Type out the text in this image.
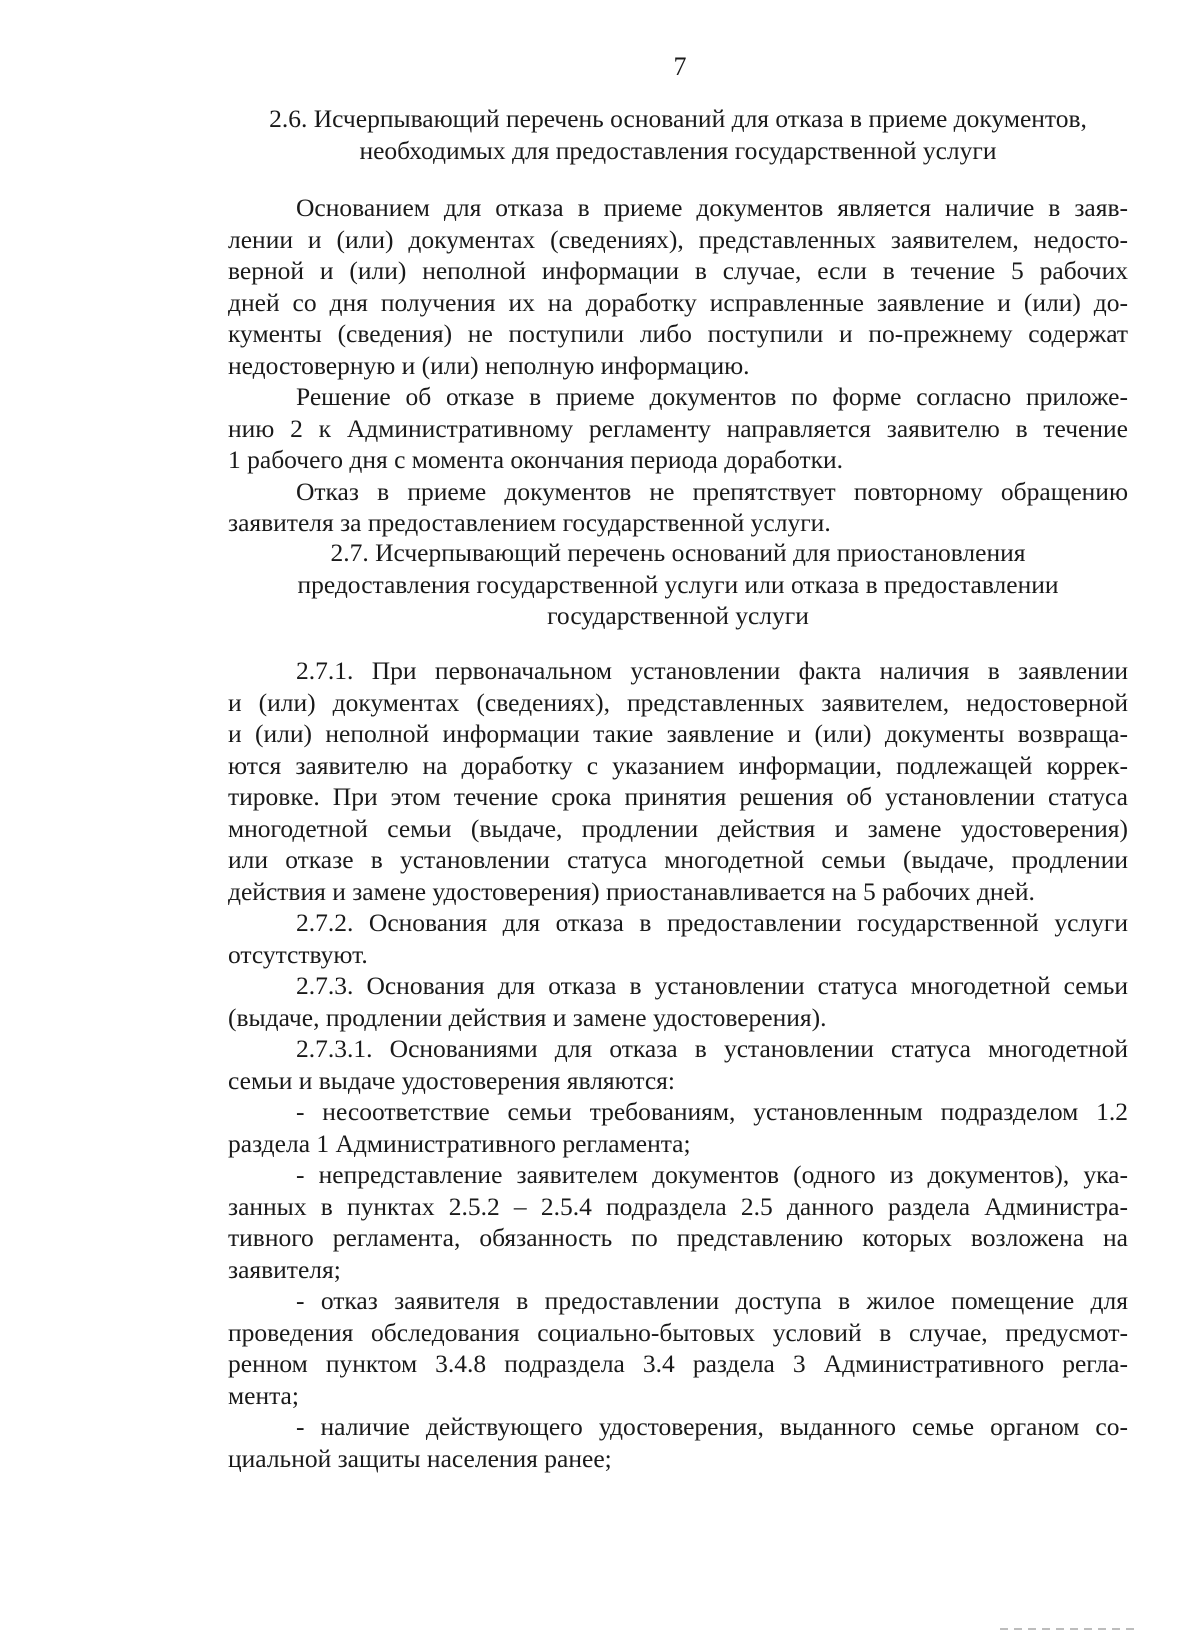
7
2.6. Исчерпывающий перечень оснований для отказа в приеме документов,
необходимых для предоставления государственной услуги
Основанием для отказа в приеме документов является наличие в заяв-
лении и (или) документах (сведениях), представленных заявителем, недосто-
верной и (или) неполной информации в случае, если в течение 5 рабочих
дней со дня получения их на доработку исправленные заявление и (или) до-
кументы (сведения) не поступили либо поступили и по-прежнему содержат
недостоверную и (или) неполную информацию.
Решение об отказе в приеме документов по форме согласно приложе-
нию 2 к Административному регламенту направляется заявителю в течение
1 рабочего дня с момента окончания периода доработки.
Отказ в приеме документов не препятствует повторному обращению
заявителя за предоставлением государственной услуги.
2.7. Исчерпывающий перечень оснований для приостановления
предоставления государственной услуги или отказа в предоставлении
государственной услуги
2.7.1. При первоначальном установлении факта наличия в заявлении
и (или) документах (сведениях), представленных заявителем, недостоверной
и (или) неполной информации такие заявление и (или) документы возвраща-
ются заявителю на доработку с указанием информации, подлежащей коррек-
тировке. При этом течение срока принятия решения об установлении статуса
многодетной семьи (выдаче, продлении действия и замене удостоверения)
или отказе в установлении статуса многодетной семьи (выдаче, продлении
действия и замене удостоверения) приостанавливается на 5 рабочих дней.
2.7.2. Основания для отказа в предоставлении государственной услуги
отсутствуют.
2.7.3. Основания для отказа в установлении статуса многодетной семьи
(выдаче, продлении действия и замене удостоверения).
2.7.3.1. Основаниями для отказа в установлении статуса многодетной
семьи и выдаче удостоверения являются:
- несоответствие семьи требованиям, установленным подразделом 1.2
раздела 1 Административного регламента;
- непредставление заявителем документов (одного из документов), ука-
занных в пунктах 2.5.2 – 2.5.4 подраздела 2.5 данного раздела Администра-
тивного регламента, обязанность по представлению которых возложена на
заявителя;
- отказ заявителя в предоставлении доступа в жилое помещение для
проведения обследования социально-бытовых условий в случае, предусмот-
ренном пунктом 3.4.8 подраздела 3.4 раздела 3 Административного регла-
мента;
- наличие действующего удостоверения, выданного семье органом со-
циальной защиты населения ранее;
